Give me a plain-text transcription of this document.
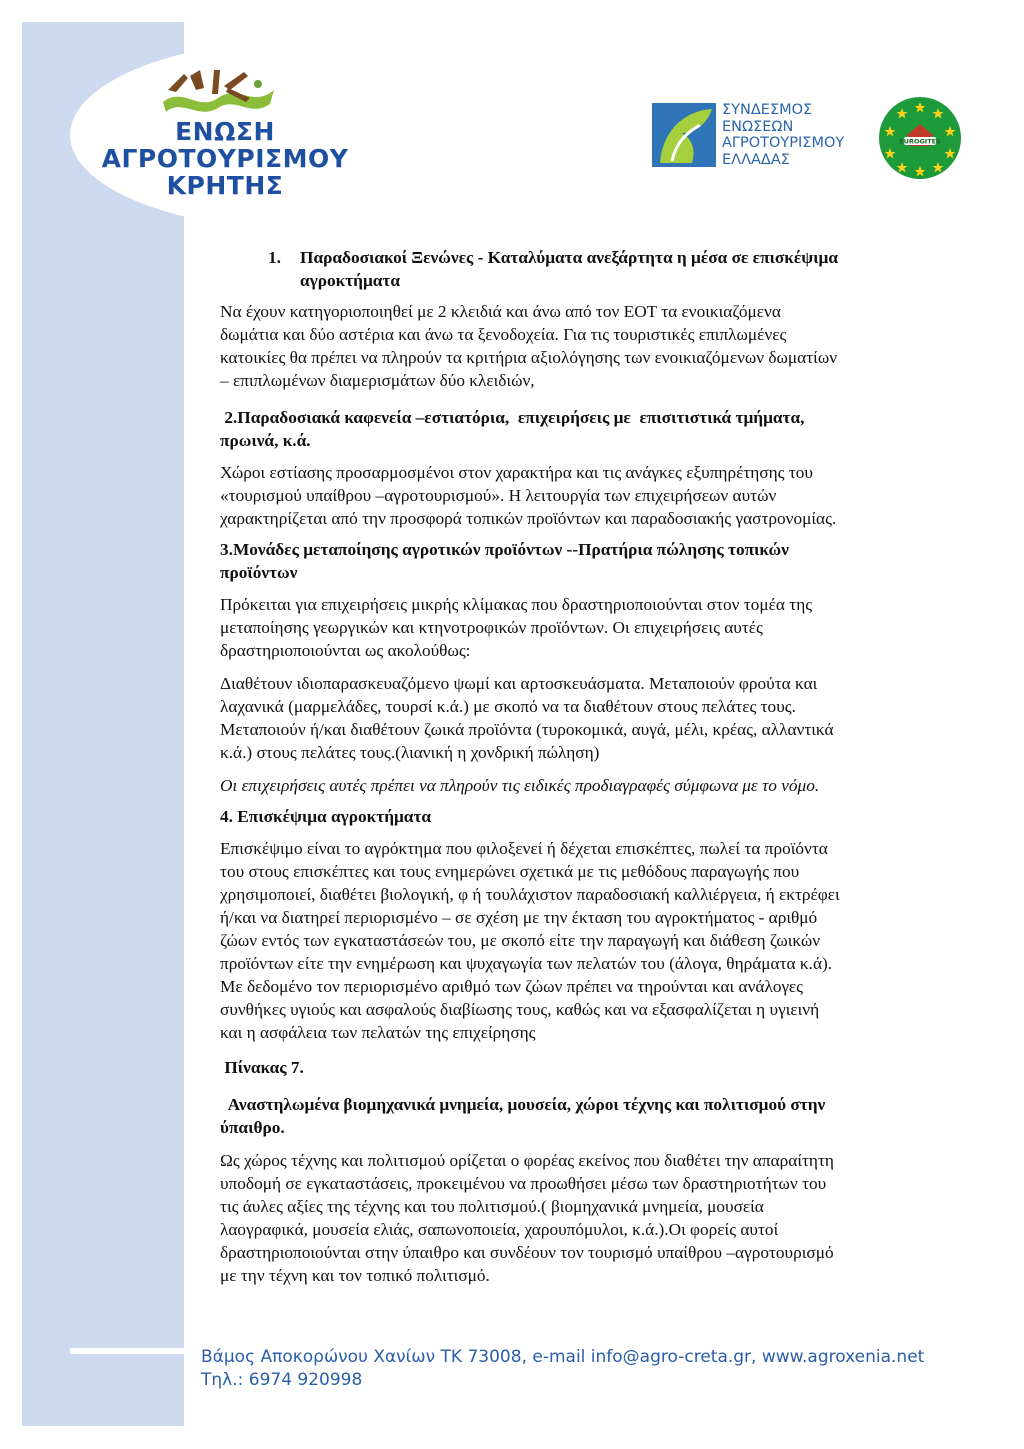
ΕΝΩΣΗ
ΑΓΡΟΤΟΥΡΙΣΜΟΥ
ΚΡΗΤΗΣ
ΣΥΝΔΕΣΜΟΣ
ΕΝΩΣΕΩΝ
ΑΓΡΟΤΟΥΡΙΣΜΟΥ
ΕΛΛΑΔΑΣ
EUROGITES
1.	Παραδοσιακοί Ξενώνες - Καταλύματα ανεξάρτητα η μέσα σε επισκέψιμα

αγροκτήματα

Να έχουν κατηγοριοποιηθεί με 2 κλειδιά και άνω από τον ΕΟΤ τα ενοικιαζόμενα

δωμάτια και δύο αστέρια και άνω τα ξενοδοχεία. Για τις τουριστικές επιπλωμένες

κατοικίες θα πρέπει να πληρούν τα κριτήρια αξιολόγησης των ενοικιαζόμενων δωματίων

– επιπλωμένων διαμερισμάτων δύο κλειδιών,

2.Παραδοσιακά καφενεία –εστιατόρια,  επιχειρήσεις με  επισιτιστικά τμήματα,

πρωινά, κ.ά.

Χώροι εστίασης προσαρμοσμένοι στον χαρακτήρα και τις ανάγκες εξυπηρέτησης του

«τουρισμού υπαίθρου –αγροτουρισμού». Η λειτουργία των επιχειρήσεων αυτών

χαρακτηρίζεται από την προσφορά τοπικών προϊόντων και παραδοσιακής γαστρονομίας.

3.Μονάδες μεταποίησης αγροτικών προϊόντων --Πρατήρια πώλησης τοπικών

προϊόντων

Πρόκειται για επιχειρήσεις μικρής κλίμακας που δραστηριοποιούνται στον τομέα της

μεταποίησης γεωργικών και κτηνοτροφικών προϊόντων. Οι επιχειρήσεις αυτές

δραστηριοποιούνται ως ακολούθως:

Διαθέτουν ιδιοπαρασκευαζόμενο ψωμί και αρτοσκευάσματα. Μεταποιούν φρούτα και

λαχανικά (μαρμελάδες, τουρσί κ.ά.) με σκοπό να τα διαθέτουν στους πελάτες τους.

Μεταποιούν ή/και διαθέτουν ζωικά προϊόντα (τυροκομικά, αυγά, μέλι, κρέας, αλλαντικά

κ.ά.) στους πελάτες τους.(λιανική η χονδρική πώληση)

Οι επιχειρήσεις αυτές πρέπει να πληρούν τις ειδικές προδιαγραφές σύμφωνα με το νόμο.

4. Επισκέψιμα αγροκτήματα

Επισκέψιμο είναι το αγρόκτημα που φιλοξενεί ή δέχεται επισκέπτες, πωλεί τα προϊόντα

του στους επισκέπτες και τους ενημερώνει σχετικά με τις μεθόδους παραγωγής που

χρησιμοποιεί, διαθέτει βιολογική, φ ή τουλάχιστον παραδοσιακή καλλιέργεια, ή εκτρέφει

ή/και να διατηρεί περιορισμένο – σε σχέση με την έκταση του αγροκτήματος - αριθμό

ζώων εντός των εγκαταστάσεών του, με σκοπό είτε την παραγωγή και διάθεση ζωικών

προϊόντων είτε την ενημέρωση και ψυχαγωγία των πελατών του (άλογα, θηράματα κ.ά).

Με δεδομένο τον περιορισμένο αριθμό των ζώων πρέπει να τηρούνται και ανάλογες

συνθήκες υγιούς και ασφαλούς διαβίωσης τους, καθώς και να εξασφαλίζεται η υγιεινή

και η ασφάλεια των πελατών της επιχείρησης

Πίνακας 7.

Αναστηλωμένα βιομηχανικά μνημεία, μουσεία, χώροι τέχνης και πολιτισμού στην

ύπαιθρο.

Ως χώρος τέχνης και πολιτισμού ορίζεται ο φορέας εκείνος που διαθέτει την απαραίτητη

υποδομή σε εγκαταστάσεις, προκειμένου να προωθήσει μέσω των δραστηριοτήτων του

τις άυλες αξίες της τέχνης και του πολιτισμού.( βιομηχανικά μνημεία, μουσεία

λαογραφικά, μουσεία ελιάς, σαπωνοποιεία, χαρουπόμυλοι, κ.ά.).Οι φορείς αυτοί

δραστηριοποιούνται στην ύπαιθρο και συνδέουν τον τουρισμό υπαίθρου –αγροτουρισμό

με την τέχνη και τον τοπικό πολιτισμό.

Βάμος Αποκορώνου Χανίων ΤΚ 73008, e-mail info@agro-creta.gr, www.agroxenia.net
Τηλ.: 6974 920998
